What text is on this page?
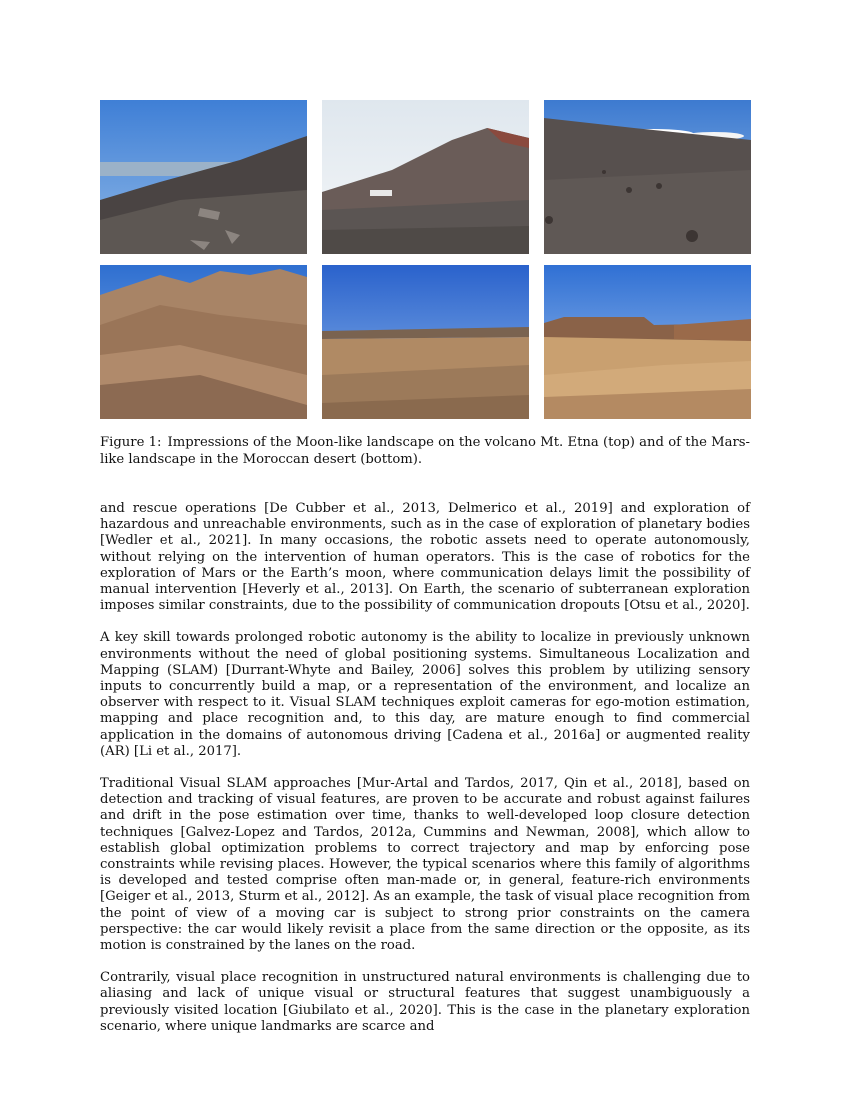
Figure 1: Impressions of the Moon-like landscape on the volcano Mt. Etna (top) and of the Mars-like landscape in the Moroccan desert (bottom).

and rescue operations [De Cubber et al., 2013, Delmerico et al., 2019] and exploration of hazardous and unreachable environments, such as in the case of exploration of planetary bodies [Wedler et al., 2021]. In many occasions, the robotic assets need to operate autonomously, without relying on the intervention of human operators. This is the case of robotics for the exploration of Mars or the Earth’s moon, where communication delays limit the possibility of manual intervention [Heverly et al., 2013]. On Earth, the scenario of subterranean exploration imposes similar constraints, due to the possibility of communication dropouts [Otsu et al., 2020].

A key skill towards prolonged robotic autonomy is the ability to localize in previously unknown environments without the need of global positioning systems. Simultaneous Localization and Mapping (SLAM) [Durrant-Whyte and Bailey, 2006] solves this problem by utilizing sensory inputs to concurrently build a map, or a representation of the environment, and localize an observer with respect to it. Visual SLAM techniques exploit cameras for ego-motion estimation, mapping and place recognition and, to this day, are mature enough to find commercial application in the domains of autonomous driving [Cadena et al., 2016a] or augmented reality (AR) [Li et al., 2017].

Traditional Visual SLAM approaches [Mur-Artal and Tardos, 2017, Qin et al., 2018], based on detection and tracking of visual features, are proven to be accurate and robust against failures and drift in the pose estimation over time, thanks to well-developed loop closure detection techniques [Galvez-Lopez and Tardos, 2012a, Cummins and Newman, 2008], which allow to establish global optimization problems to correct trajectory and map by enforcing pose constraints while revising places. However, the typical scenarios where this family of algorithms is developed and tested comprise often man-made or, in general, feature-rich environments [Geiger et al., 2013, Sturm et al., 2012]. As an example, the task of visual place recognition from the point of view of a moving car is subject to strong prior constraints on the camera perspective: the car would likely revisit a place from the same direction or the opposite, as its motion is constrained by the lanes on the road.

Contrarily, visual place recognition in unstructured natural environments is challenging due to aliasing and lack of unique visual or structural features that suggest unambiguously a previously visited location [Giubilato et al., 2020]. This is the case in the planetary exploration scenario, where unique landmarks are scarce and
